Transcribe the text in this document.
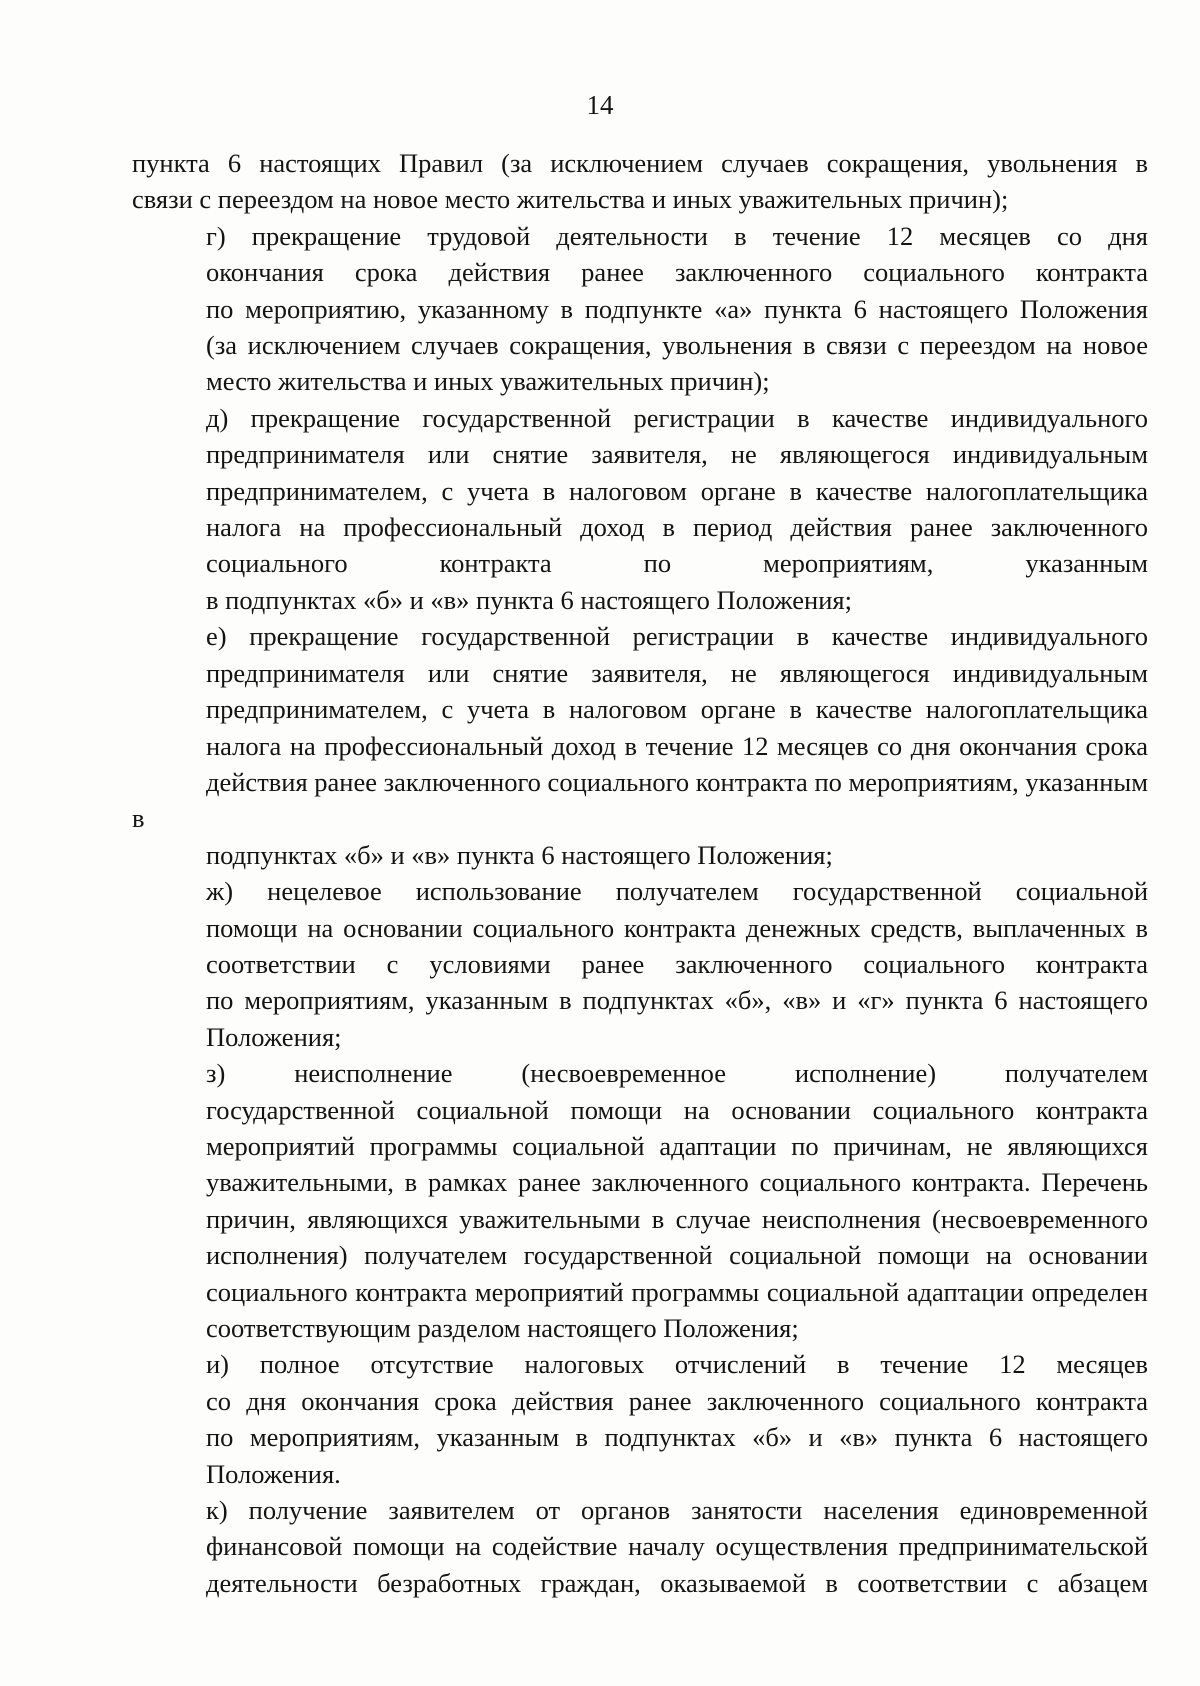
14

пункта 6 настоящих Правил (за исключением случаев сокращения, увольнения в
связи с переездом на новое место жительства и иных уважительных причин);

г) прекращение трудовой деятельности в течение 12 месяцев со дня
окончания срока действия ранее заключенного социального контракта
по мероприятию, указанному в подпункте «а» пункта 6 настоящего Положения
(за исключением случаев сокращения, увольнения в связи с переездом на новое
место жительства и иных уважительных причин);

д) прекращение государственной регистрации в качестве индивидуального
предпринимателя или снятие заявителя, не являющегося индивидуальным
предпринимателем, с учета в налоговом органе в качестве налогоплательщика
налога на профессиональный доход в период действия ранее заключенного
социального контракта по мероприятиям, указанным
в подпунктах «б» и «в» пункта 6 настоящего Положения;

е) прекращение государственной регистрации в качестве индивидуального
предпринимателя или снятие заявителя, не являющегося индивидуальным
предпринимателем, с учета в налоговом органе в качестве налогоплательщика
налога на профессиональный доход в течение 12 месяцев со дня окончания срока
действия ранее заключенного социального контракта по мероприятиям, указанным в
подпунктах «б» и «в» пункта 6 настоящего Положения;

ж) нецелевое использование получателем государственной социальной
помощи на основании социального контракта денежных средств, выплаченных в
соответствии с условиями ранее заключенного социального контракта
по мероприятиям, указанным в подпунктах «б», «в» и «г» пункта 6 настоящего
Положения;

з) неисполнение (несвоевременное исполнение) получателем
государственной социальной помощи на основании социального контракта
мероприятий программы социальной адаптации по причинам, не являющихся
уважительными, в рамках ранее заключенного социального контракта. Перечень
причин, являющихся уважительными в случае неисполнения (несвоевременного
исполнения) получателем государственной социальной помощи на основании
социального контракта мероприятий программы социальной адаптации определен
соответствующим разделом настоящего Положения;

и) полное отсутствие налоговых отчислений в течение 12 месяцев
со дня окончания срока действия ранее заключенного социального контракта
по мероприятиям, указанным в подпунктах «б» и «в» пункта 6 настоящего
Положения.

к) получение заявителем от органов занятости населения единовременной
финансовой помощи на содействие началу осуществления предпринимательской
деятельности безработных граждан, оказываемой в соответствии с абзацем
